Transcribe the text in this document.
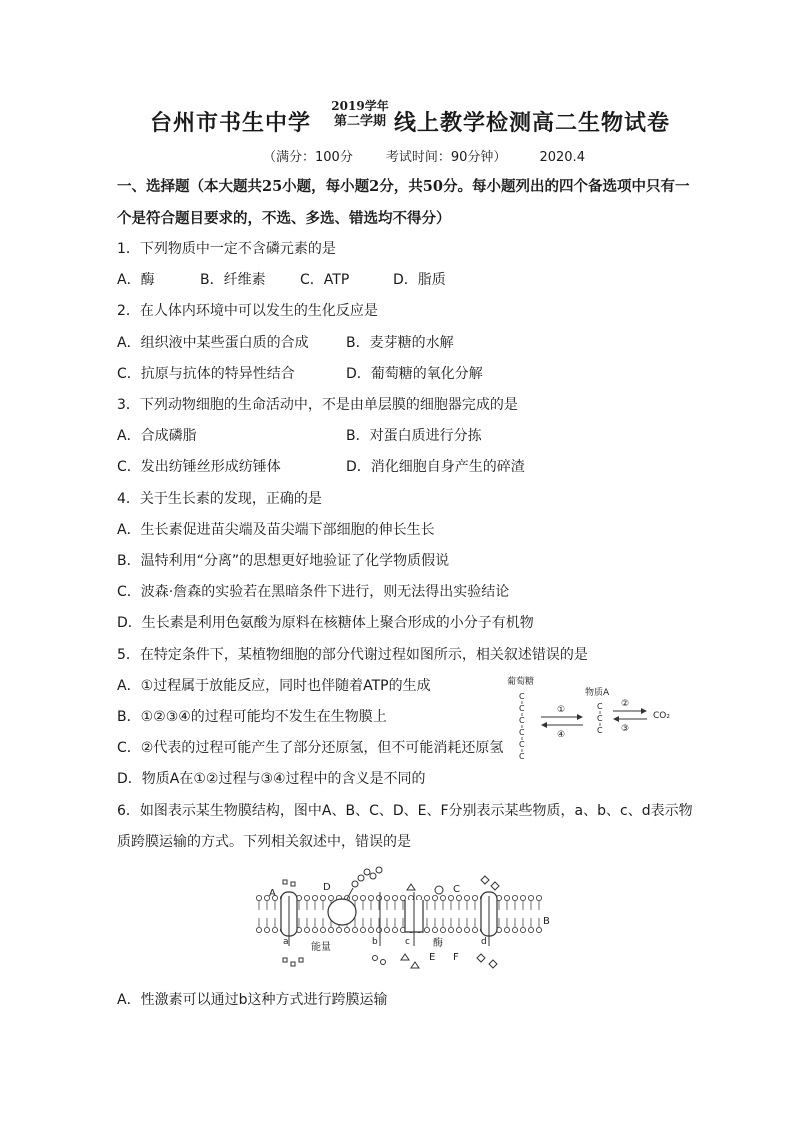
台州市书生中学
2019学年
第二学期 线上教学检测高二生物试卷
（满分：100分        考试时间：90分钟）        2020.4
一、选择题（本大题共25小题，每小题2分，共50分。每小题列出的四个备选项中只有一
个是符合题目要求的，不选、多选、错选均不得分）
1．下列物质中一定不含磷元素的是
A．酶	B．纤维素 C．ATP	D．脂质
2．在人体内环境中可以发生的生化反应是
A．组织液中某些蛋白质的合成	B．麦芽糖的水解
C．抗原与抗体的特异性结合	D．葡萄糖的氧化分解
3．下列动物细胞的生命活动中，不是由单层膜的细胞器完成的是
A．合成磷脂	B．对蛋白质进行分拣
C．发出纺锤丝形成纺锤体	D．消化细胞自身产生的碎渣
4．关于生长素的发现，正确的是
A．生长素促进苗尖端及苗尖端下部细胞的伸长生长
B．温特利用“分离”的思想更好地验证了化学物质假说
C．波森·詹森的实验若在黑暗条件下进行，则无法得出实验结论
D．生长素是利用色氨酸为原料在核糖体上聚合形成的小分子有机物
5．在特定条件下，某植物细胞的部分代谢过程如图所示，相关叙述错误的是
A．①过程属于放能反应，同时也伴随着ATP的生成
B．①②③④的过程可能均不发生在生物膜上
C．②代表的过程可能产生了部分还原氢，但不可能消耗还原氢
D．物质A在①②过程与③④过程中的含义是不同的
葡萄糖
C
C
C
C
C
C
①
④
物质A
C
C
C
②
③
CO₂
6．如图表示某生物膜结构，图中A、B、C、D、E、F分别表示某些物质，a、b、c、d表示物
质跨膜运输的方式。下列相关叙述中，错误的是
A
B
C
D
E F
a	b	c	d
能量	酶
A．性激素可以通过b这种方式进行跨膜运输
